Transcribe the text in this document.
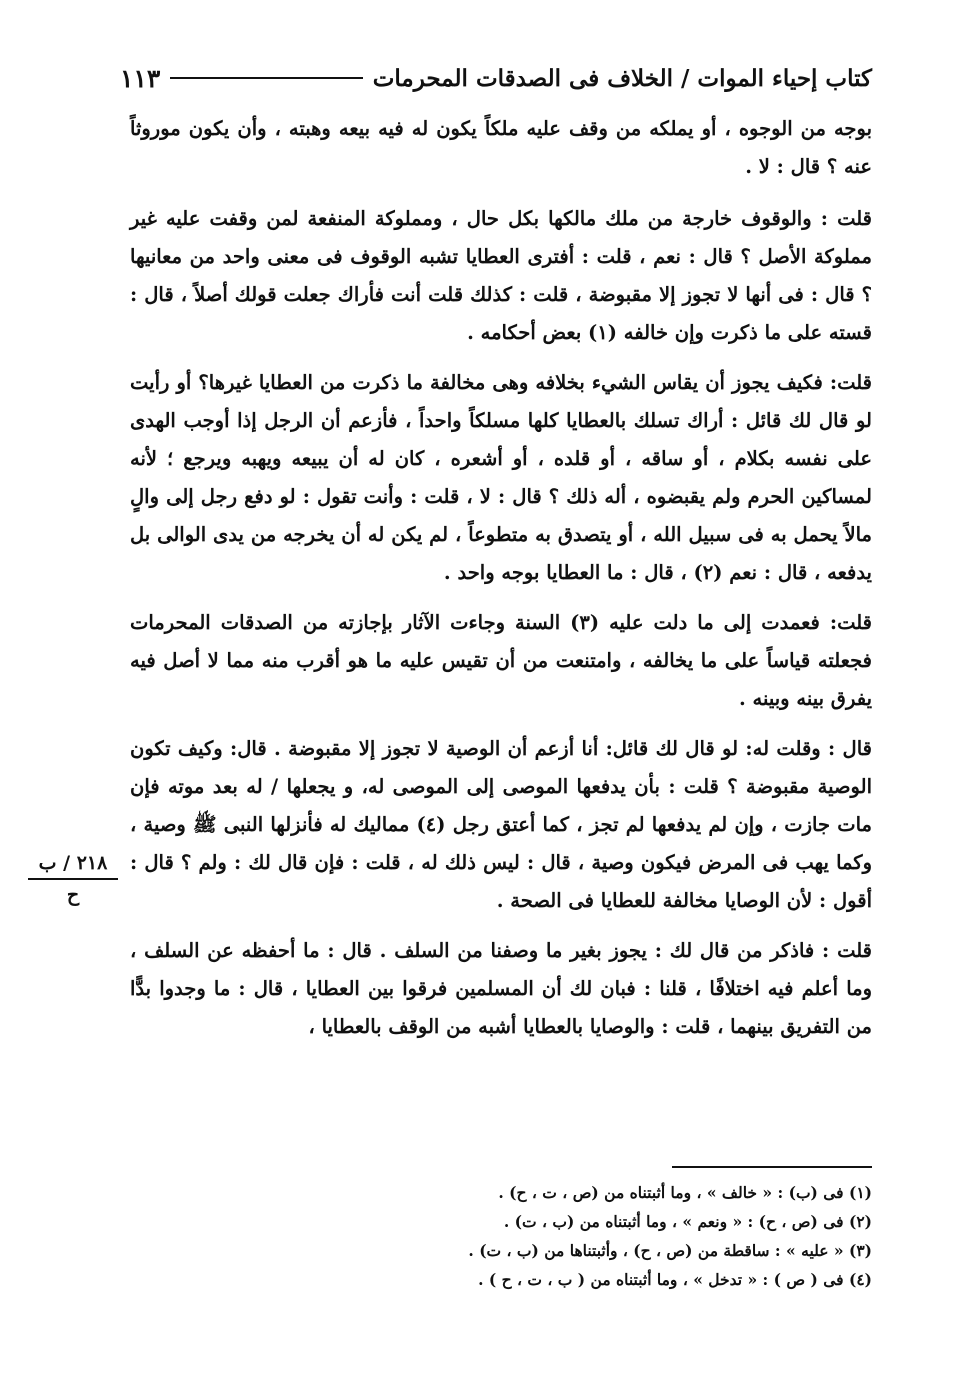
كتاب إحياء الموات / الخلاف فى الصدقات المحرمات
١١٣

بوجه من الوجوه ، أو يملكه من وقف عليه ملكاً يكون له فيه بيعه وهبته ، وأن يكون موروثاً عنه ؟ قال : لا .

قلت : والوقوف خارجة من ملك مالكها بكل حال ، ومملوكة المنفعة لمن وقفت عليه غير مملوكة الأصل ؟ قال : نعم ، قلت : أفترى العطايا تشبه الوقوف فى معنى واحد من معانيها ؟ قال : فى أنها لا تجوز إلا مقبوضة ، قلت : كذلك قلت أنت فأراك جعلت قولك أصلاً ، قال : قسته على ما ذكرت وإن خالفه (١) بعض أحكامه .

قلت: فكيف يجوز أن يقاس الشيء بخلافه وهى مخالفة ما ذكرت من العطايا غيرها؟ أو رأيت لو قال لك قائل : أراك تسلك بالعطايا كلها مسلكاً واحداً ، فأزعم أن الرجل إذا أوجب الهدى على نفسه بكلام ، أو ساقه ، أو قلده ، أو أشعره ، كان له أن يبيعه ويهبه ويرجع ؛ لأنه لمساكين الحرم ولم يقبضوه ، أله ذلك ؟ قال : لا ، قلت : وأنت تقول : لو دفع رجل إلى والٍ مالاً يحمل به فى سبيل الله ، أو يتصدق به متطوعاً ، لم يكن له أن يخرجه من يدى الوالى بل يدفعه ، قال : نعم (٢) ، قال : ما العطايا بوجه واحد .

قلت: فعمدت إلى ما دلت عليه (٣) السنة وجاءت الآثار بإجازته من الصدقات المحرمات فجعلته قياساً على ما يخالفه ، وامتنعت من أن تقيس عليه ما هو أقرب منه مما لا أصل فيه يفرق بينه وبينه .

قال : وقلت له: لو قال لك قائل: أنا أزعم أن الوصية لا تجوز إلا مقبوضة . قال: وكيف تكون الوصية مقبوضة ؟ قلت : بأن يدفعها الموصى إلى الموصى له، و يجعلها / له بعد موته فإن مات جازت ، وإن لم يدفعها لم تجز ، كما أعتق رجل (٤) مماليك له فأنزلها النبى ﷺ وصية ، وكما يهب فى المرض فيكون وصية ، قال : ليس ذلك له ، قلت : فإن قال لك : ولم ؟ قال : أقول : لأن الوصايا مخالفة للعطايا فى الصحة .

قلت : فاذكر من قال لك : يجوز بغير ما وصفنا من السلف . قال : ما أحفظه عن السلف ، وما أعلم فيه اختلافًا ، قلنا : فبان لك أن المسلمين فرقوا بين العطايا ، قال : ما وجدوا بدًّا من التفريق بينهما ، قلت : والوصايا بالعطايا أشبه من الوقف بالعطايا ،

٢١٨ / ب
ح
(١) فى (ب) : « خالف » ، وما أثبتناه من (ص ، ت ، ح) .
(٢) فى (ص ، ح) : « ونعم » ، وما أثبتناه من (ب ، ت) .
(٣) « عليه » : ساقطة من (ص ، ح) ، وأثبتناها من (ب ، ت) .
(٤) فى ( ص ) : « تدخل » ، وما أثبتناه من ( ب ، ت ، ح ) .
